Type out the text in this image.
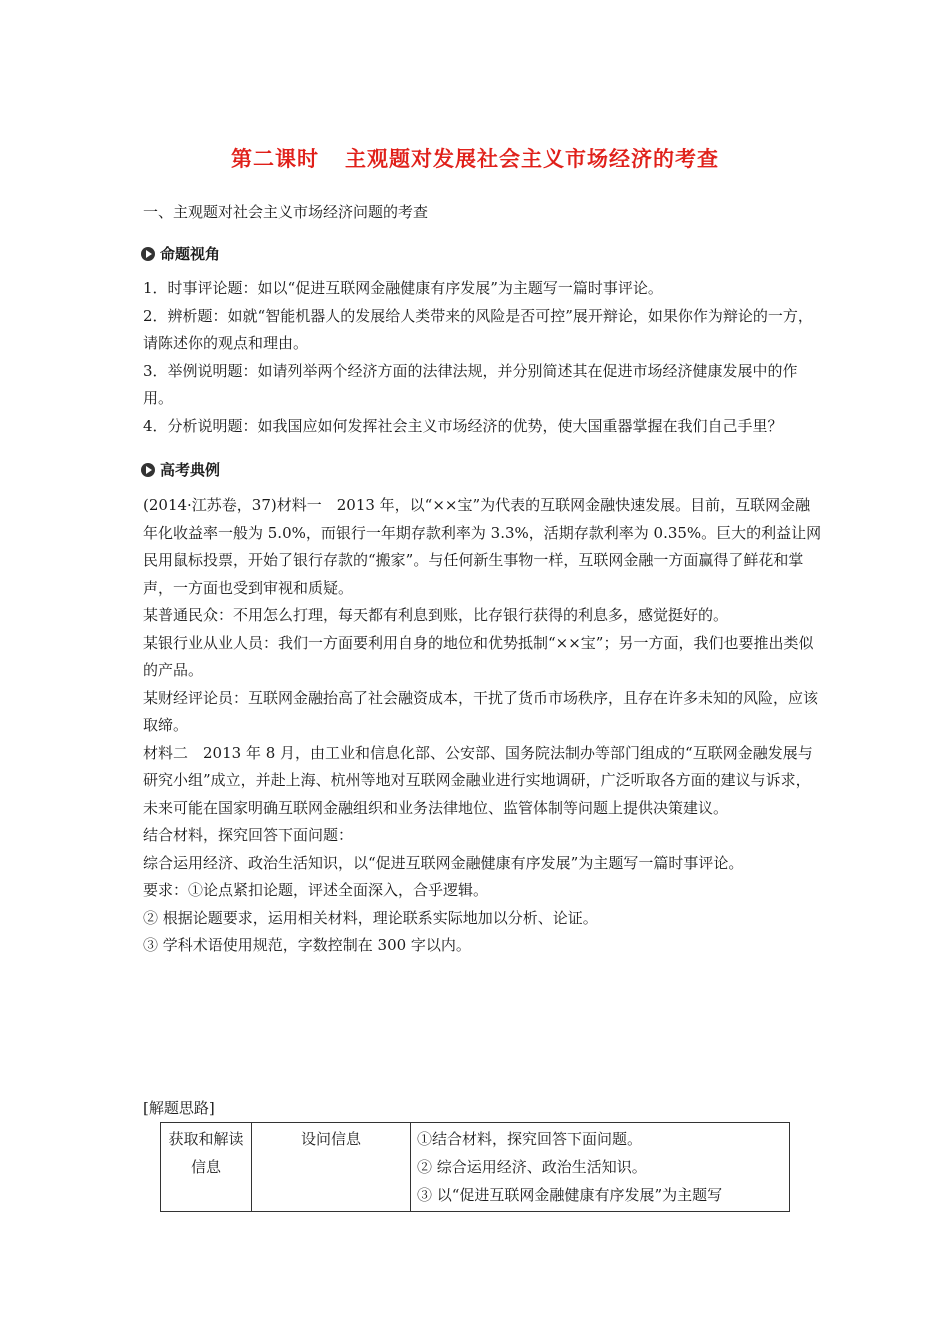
第二课时 主观题对发展社会主义市场经济的考查
一、主观题对社会主义市场经济问题的考查
命题视角

1．时事评论题：如以“促进互联网金融健康有序发展”为主题写一篇时事评论。

2．辨析题：如就“智能机器人的发展给人类带来的风险是否可控”展开辩论，如果你作为辩论的一方，请陈述你的观点和理由。

3．举例说明题：如请列举两个经济方面的法律法规，并分别简述其在促进市场经济健康发展中的作用。

4．分析说明题：如我国应如何发挥社会主义市场经济的优势，使大国重器掌握在我们自己手里？

高考典例

(2014·江苏卷，37)材料一　2013 年，以“××宝”为代表的互联网金融快速发展。目前，互联网金融年化收益率一般为 5.0%，而银行一年期存款利率为 3.3%，活期存款利率为 0.35%。巨大的利益让网民用鼠标投票，开始了银行存款的“搬家”。与任何新生事物一样，互联网金融一方面赢得了鲜花和掌声，一方面也受到审视和质疑。

某普通民众：不用怎么打理，每天都有利息到账，比存银行获得的利息多，感觉挺好的。

某银行业从业人员：我们一方面要利用自身的地位和优势抵制“××宝”；另一方面，我们也要推出类似的产品。

某财经评论员：互联网金融抬高了社会融资成本，干扰了货币市场秩序，且存在许多未知的风险，应该取缔。

材料二　2013 年 8 月，由工业和信息化部、公安部、国务院法制办等部门组成的“互联网金融发展与研究小组”成立，并赴上海、杭州等地对互联网金融业进行实地调研，广泛听取各方面的建议与诉求，未来可能在国家明确互联网金融组织和业务法律地位、监管体制等问题上提供决策建议。

结合材料，探究回答下面问题：

综合运用经济、政治生活知识，以“促进互联网金融健康有序发展”为主题写一篇时事评论。

要求：①论点紧扣论题，评述全面深入，合乎逻辑。

② 根据论题要求，运用相关材料，理论联系实际地加以分析、论证。

③ 学科术语使用规范，字数控制在 300 字以内。

[解题思路]
获取和解读信息	设问信息	①结合材料，探究回答下面问题。
② 综合运用经济、政治生活知识。
③ 以“促进互联网金融健康有序发展”为主题写
